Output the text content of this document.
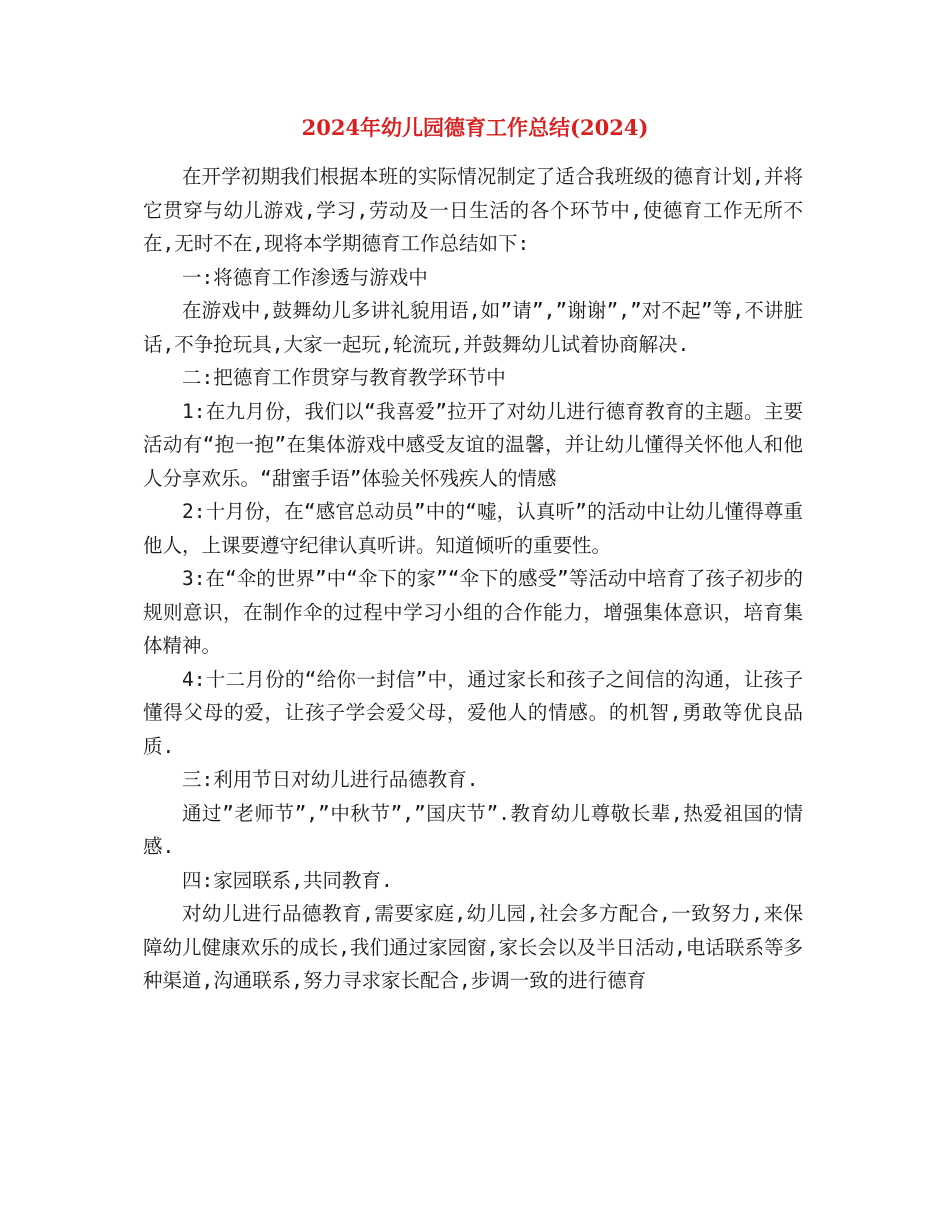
2024年幼儿园德育工作总结(2024)

在开学初期我们根据本班的实际情况制定了适合我班级的德育计划,并将它贯穿与幼儿游戏,学习,劳动及一日生活的各个环节中,使德育工作无所不在,无时不在,现将本学期德育工作总结如下:

一:将德育工作渗透与游戏中

在游戏中,鼓舞幼儿多讲礼貌用语,如”请”,”谢谢”,”对不起”等,不讲脏话,不争抢玩具,大家一起玩,轮流玩,并鼓舞幼儿试着协商解决.

二:把德育工作贯穿与教育教学环节中

1:在九月份，我们以“我喜爱”拉开了对幼儿进行德育教育的主题。主要活动有“抱一抱”在集体游戏中感受友谊的温馨，并让幼儿懂得关怀他人和他人分享欢乐。“甜蜜手语”体验关怀残疾人的情感

2:十月份，在“感官总动员”中的“嘘，认真听”的活动中让幼儿懂得尊重他人，上课要遵守纪律认真听讲。知道倾听的重要性。

3:在“伞的世界”中“伞下的家”“伞下的感受”等活动中培育了孩子初步的规则意识，在制作伞的过程中学习小组的合作能力，增强集体意识，培育集体精神。

4:十二月份的“给你一封信”中，通过家长和孩子之间信的沟通，让孩子懂得父母的爱，让孩子学会爱父母，爱他人的情感。的机智,勇敢等优良品质.

三:利用节日对幼儿进行品德教育.

通过”老师节”,”中秋节”,”国庆节”.教育幼儿尊敬长辈,热爱祖国的情感.

四:家园联系,共同教育.

对幼儿进行品德教育,需要家庭,幼儿园,社会多方配合,一致努力,来保障幼儿健康欢乐的成长,我们通过家园窗,家长会以及半日活动,电话联系等多种渠道,沟通联系,努力寻求家长配合,步调一致的进行德育
